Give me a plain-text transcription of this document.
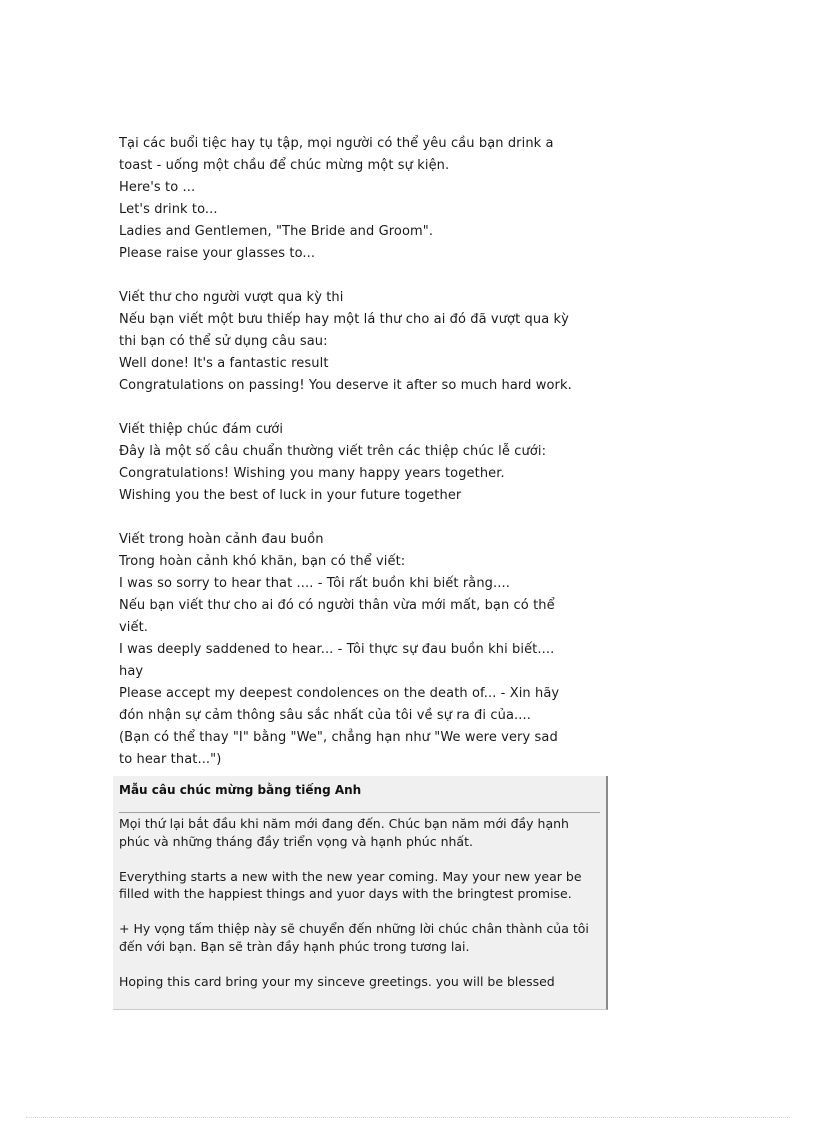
Tại các buổi tiệc hay tụ tập, mọi người có thể yêu cầu bạn drink a
toast - uống một chầu để chúc mừng một sự kiện.
Here's to ...
Let's drink to...
Ladies and Gentlemen, "The Bride and Groom".
Please raise your glasses to...
Viết thư cho người vượt qua kỳ thi
Nếu bạn viết một bưu thiếp hay một lá thư cho ai đó đã vượt qua kỳ
thi bạn có thể sử dụng câu sau:
Well done! It's a fantastic result
Congratulations on passing! You deserve it after so much hard work.
Viết thiệp chúc đám cưới
Đây là một số câu chuẩn thường viết trên các thiệp chúc lễ cưới:
Congratulations! Wishing you many happy years together.
Wishing you the best of luck in your future together
Viết trong hoàn cảnh đau buồn
Trong hoàn cảnh khó khăn, bạn có thể viết:
I was so sorry to hear that .... - Tôi rất buồn khi biết rằng....
Nếu bạn viết thư cho ai đó có người thân vừa mới mất, bạn có thể
viết.
I was deeply saddened to hear... - Tôi thực sự đau buồn khi biết....
hay
Please accept my deepest condolences on the death of... - Xin hãy
đón nhận sự cảm thông sâu sắc nhất của tôi về sự ra đi của....
(Bạn có thể thay "I" bằng "We", chẳng hạn như "We were very sad
to hear that...")
Mẫu câu chúc mừng bằng tiếng Anh

Mọi thứ lại bắt đầu khi năm mới đang đến. Chúc bạn năm mới đầy hạnh phúc và những tháng đầy triển vọng và hạnh phúc nhất.

Everything starts a new with the new year coming. May your new year be filled with the happiest things and yuor days with the bringtest promise.

+ Hy vọng tấm thiệp này sẽ chuyển đến những lời chúc chân thành của tôi đến với bạn. Bạn sẽ tràn đầy hạnh phúc trong tương lai.

Hoping this card bring your my sinceve greetings. you will be blessed
